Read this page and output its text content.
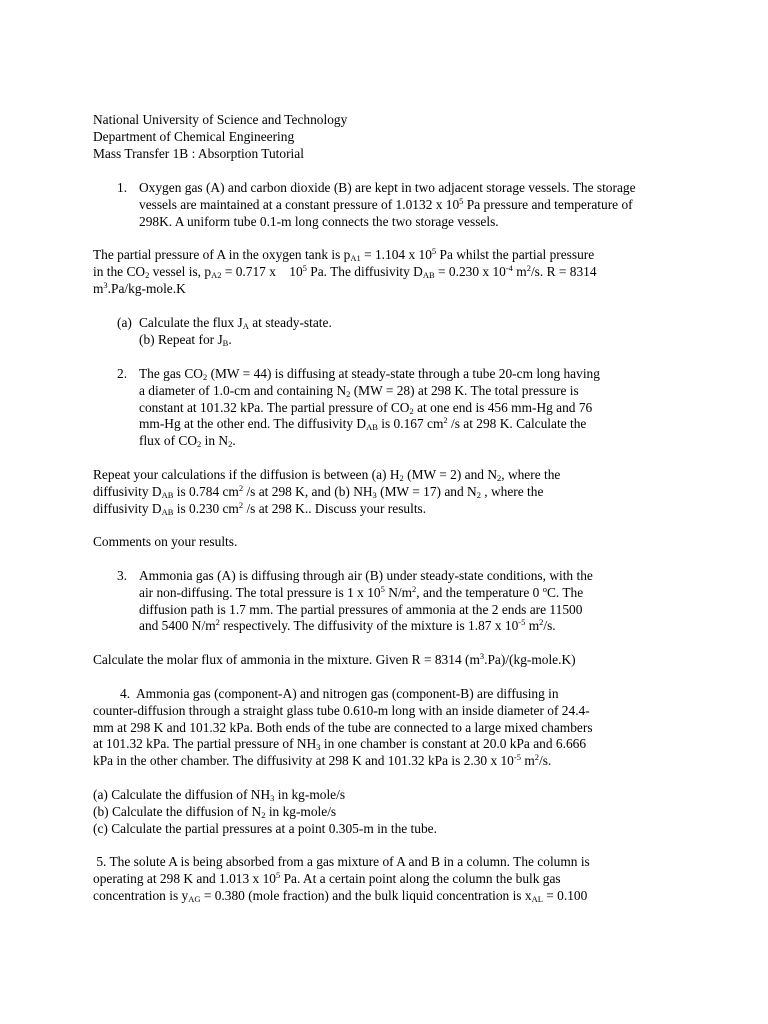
National University of Science and Technology
Department of Chemical Engineering
Mass Transfer 1B : Absorption Tutorial
1. Oxygen gas (A) and carbon dioxide (B) are kept in two adjacent storage vessels. The storage
vessels are maintained at a constant pressure of 1.0132 x $10^5$ Pa pressure and temperature of
298K. A uniform tube 0.1-m long connects the two storage vessels.
The partial pressure of A in the oxygen tank is $p_{A1} = 1.104$ x $10^5$ Pa whilst the partial pressure
in the $CO_2$ vessel is, $p_{A2} = 0.717$ x    $10^5$ Pa. The diffusivity $D_{AB} = 0.230$ x $10^{-4}$ $m^2/s$. R = 8314
$m^3.Pa/kg-mole.K$
(a) Calculate the flux $J_A$ at steady-state.
(b) Repeat for $J_B$.
2. The gas $CO_2$ (MW = 44) is diffusing at steady-state through a tube 20-cm long having
a diameter of 1.0-cm and containing $N_2$ (MW = 28) at 298 K. The total pressure is
constant at 101.32 kPa. The partial pressure of $CO_2$ at one end is 456 mm-Hg and 76
mm-Hg at the other end. The diffusivity $D_{AB}$ is 0.167 $cm^2$ /s at 298 K. Calculate the
flux of $CO_2$ in $N_2$.
Repeat your calculations if the diffusion is between (a) $H_2$ (MW = 2) and $N_2$, where the
diffusivity $D_{AB}$ is 0.784 $cm^2$ /s at 298 K, and (b) $NH_3$ (MW = 17) and $N_2$ , where the
diffusivity $D_{AB}$ is 0.230 $cm^2$ /s at 298 K.. Discuss your results.
Comments on your results.
3. Ammonia gas (A) is diffusing through air (B) under steady-state conditions, with the
air non-diffusing. The total pressure is 1 x $10^5$ $N/m^2$, and the temperature 0 $^o$C. The
diffusion path is 1.7 mm. The partial pressures of ammonia at the 2 ends are 11500
and 5400 $N/m^2$ respectively. The diffusivity of the mixture is 1.87 x $10^{-5}$ $m^2/s$.
Calculate the molar flux of ammonia in the mixture. Given R = 8314 $(m^3.Pa)/(kg-mole.K)$
4.  Ammonia gas (component-A) and nitrogen gas (component-B) are diffusing in
counter-diffusion through a straight glass tube 0.610-m long with an inside diameter of 24.4-
mm at 298 K and 101.32 kPa. Both ends of the tube are connected to a large mixed chambers
at 101.32 kPa. The partial pressure of $NH_3$ in one chamber is constant at 20.0 kPa and 6.666
kPa in the other chamber. The diffusivity at 298 K and 101.32 kPa is 2.30 x $10^{-5}$ $m^2/s$.
(a) Calculate the diffusion of $NH_3$ in kg-mole/s
(b) Calculate the diffusion of $N_2$ in kg-mole/s
(c) Calculate the partial pressures at a point 0.305-m in the tube.
5. The solute A is being absorbed from a gas mixture of A and B in a column. The column is
operating at 298 K and 1.013 x $10^5$ Pa. At a certain point along the column the bulk gas
concentration is $y_{AG} = 0.380$ (mole fraction) and the bulk liquid concentration is $x_{AL} = 0.100$
